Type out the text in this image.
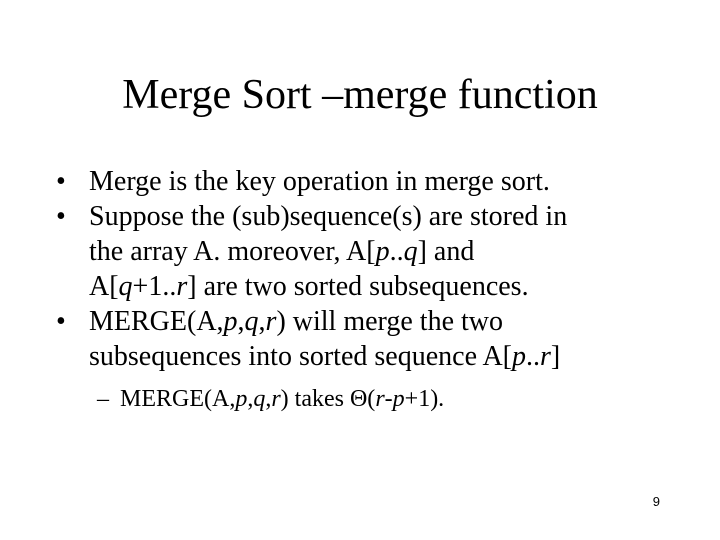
Merge Sort –merge function
• Merge is the key operation in merge sort.
• Suppose the (sub)sequence(s) are stored in
the array A. moreover, A[p..q] and
A[q+1..r] are two sorted subsequences.
• MERGE(A,p,q,r) will merge the two
subsequences into sorted sequence A[p..r]
– MERGE(A,p,q,r) takes Θ(r-p+1).
9
